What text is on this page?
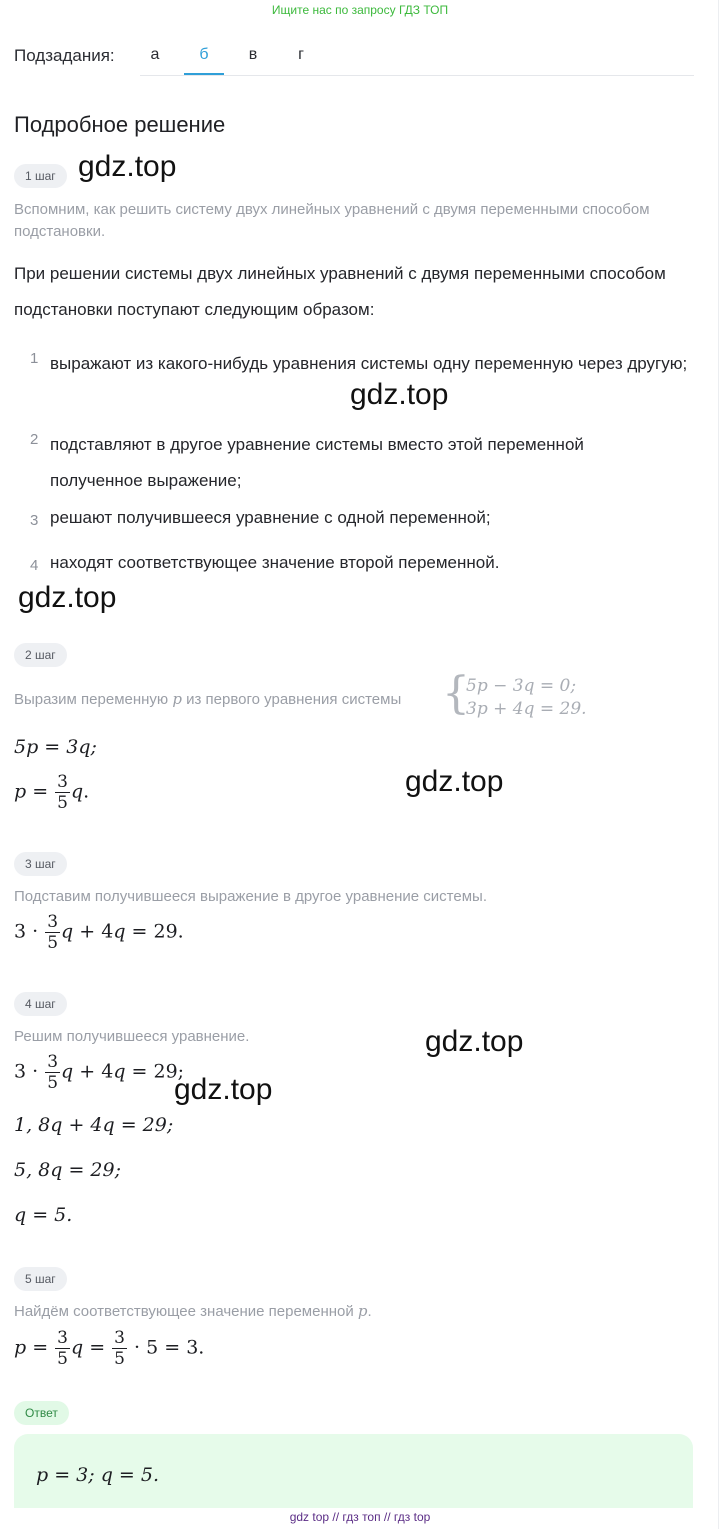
Ищите нас по запросу ГДЗ ТОП
Подзадания:	а	б	в	г
Подробное решение
1 шаг gdz.top
Вспомним, как решить систему двух линейных уравнений с двумя переменными способом подстановки.
При решении системы двух линейных уравнений с двумя переменными способом подстановки поступают следующим образом:
1 выражают из какого-нибудь уравнения системы одну переменную через другую;
gdz.top
2 подставляют в другое уравнение системы вместо этой переменной полученное выражение;
3 решают получившееся уравнение с одной переменной;
4 находят соответствующее значение второй переменной.
gdz.top
2 шаг
Выразим переменную p из первого уравнения системы {
5p − 3q = 0;
3p + 4q = 29.
5p = 3q;
$p = \frac{3}{5} q$.	gdz.top
3 шаг
Подставим получившееся выражение в другое уравнение системы.
$3 \cdot \frac{3}{5}$ q + 4q = 29.
4 шаг
Решим получившееся уравнение.	gdz.top
$3 \cdot \frac{3}{5}$ q + 4q = 29;
gdz.top
1, 8q + 4q = 29;
5, 8q = 29;
q = 5.
5 шаг
Найдём соответствующее значение переменной p.
$p = \frac{3}{5}$ $q = \frac{3}{5} \cdot 5 = 3$.
Ответ
p = 3; q = 5.
gdz top // гдз топ // гдз top
